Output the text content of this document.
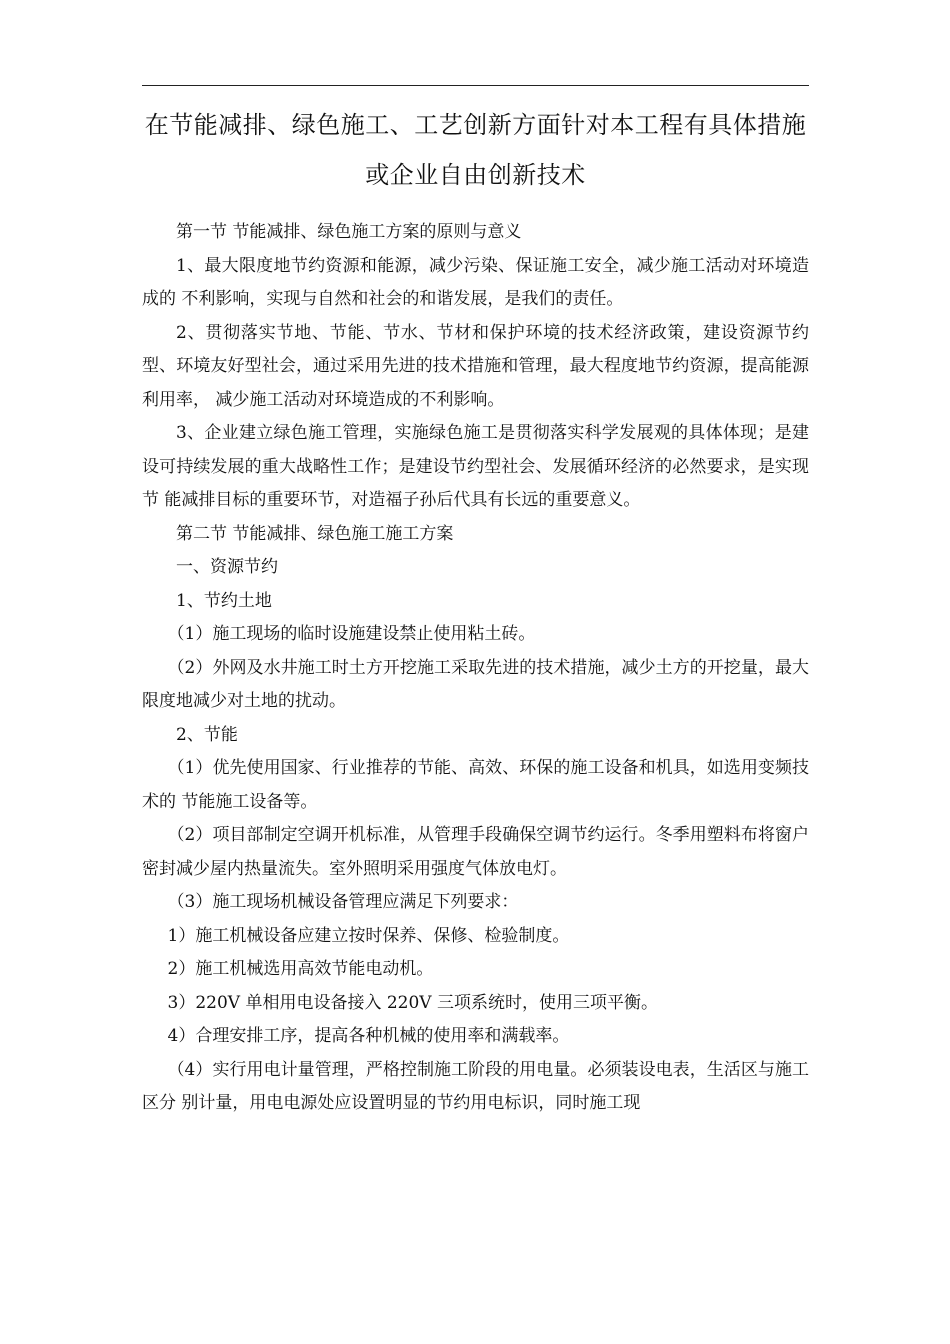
在节能减排、绿色施工、工艺创新方面针对本工程有具体措施或企业自由创新技术

第一节 节能减排、绿色施工方案的原则与意义

1、最大限度地节约资源和能源，减少污染、保证施工安全，减少施工活动对环境造成的 不利影响，实现与自然和社会的和谐发展，是我们的责任。

2、贯彻落实节地、节能、节水、节材和保护环境的技术经济政策，建设资源节约型、环境友好型社会，通过采用先进的技术措施和管理，最大程度地节约资源，提高能源利用率， 减少施工活动对环境造成的不利影响。

3、企业建立绿色施工管理，实施绿色施工是贯彻落实科学发展观的具体体现；是建 设可持续发展的重大战略性工作；是建设节约型社会、发展循环经济的必然要求，是实现节 能减排目标的重要环节，对造福子孙后代具有长远的重要意义。

第二节 节能减排、绿色施工施工方案

一、资源节约

1、节约土地

（1）施工现场的临时设施建设禁止使用粘土砖。

（2）外网及水井施工时土方开挖施工采取先进的技术措施，减少土方的开挖量，最大限度地减少对土地的扰动。

2、节能

（1）优先使用国家、行业推荐的节能、高效、环保的施工设备和机具，如选用变频技术的 节能施工设备等。

（2）项目部制定空调开机标准，从管理手段确保空调节约运行。冬季用塑料布将窗户密封减少屋内热量流失。室外照明采用强度气体放电灯。

（3）施工现场机械设备管理应满足下列要求：

1）施工机械设备应建立按时保养、保修、检验制度。

2）施工机械选用高效节能电动机。

3）220V 单相用电设备接入 220V 三项系统时，使用三项平衡。

4）合理安排工序，提高各种机械的使用率和满载率。

（4）实行用电计量管理，严格控制施工阶段的用电量。必须装设电表，生活区与施工区分 别计量，用电电源处应设置明显的节约用电标识，同时施工现
